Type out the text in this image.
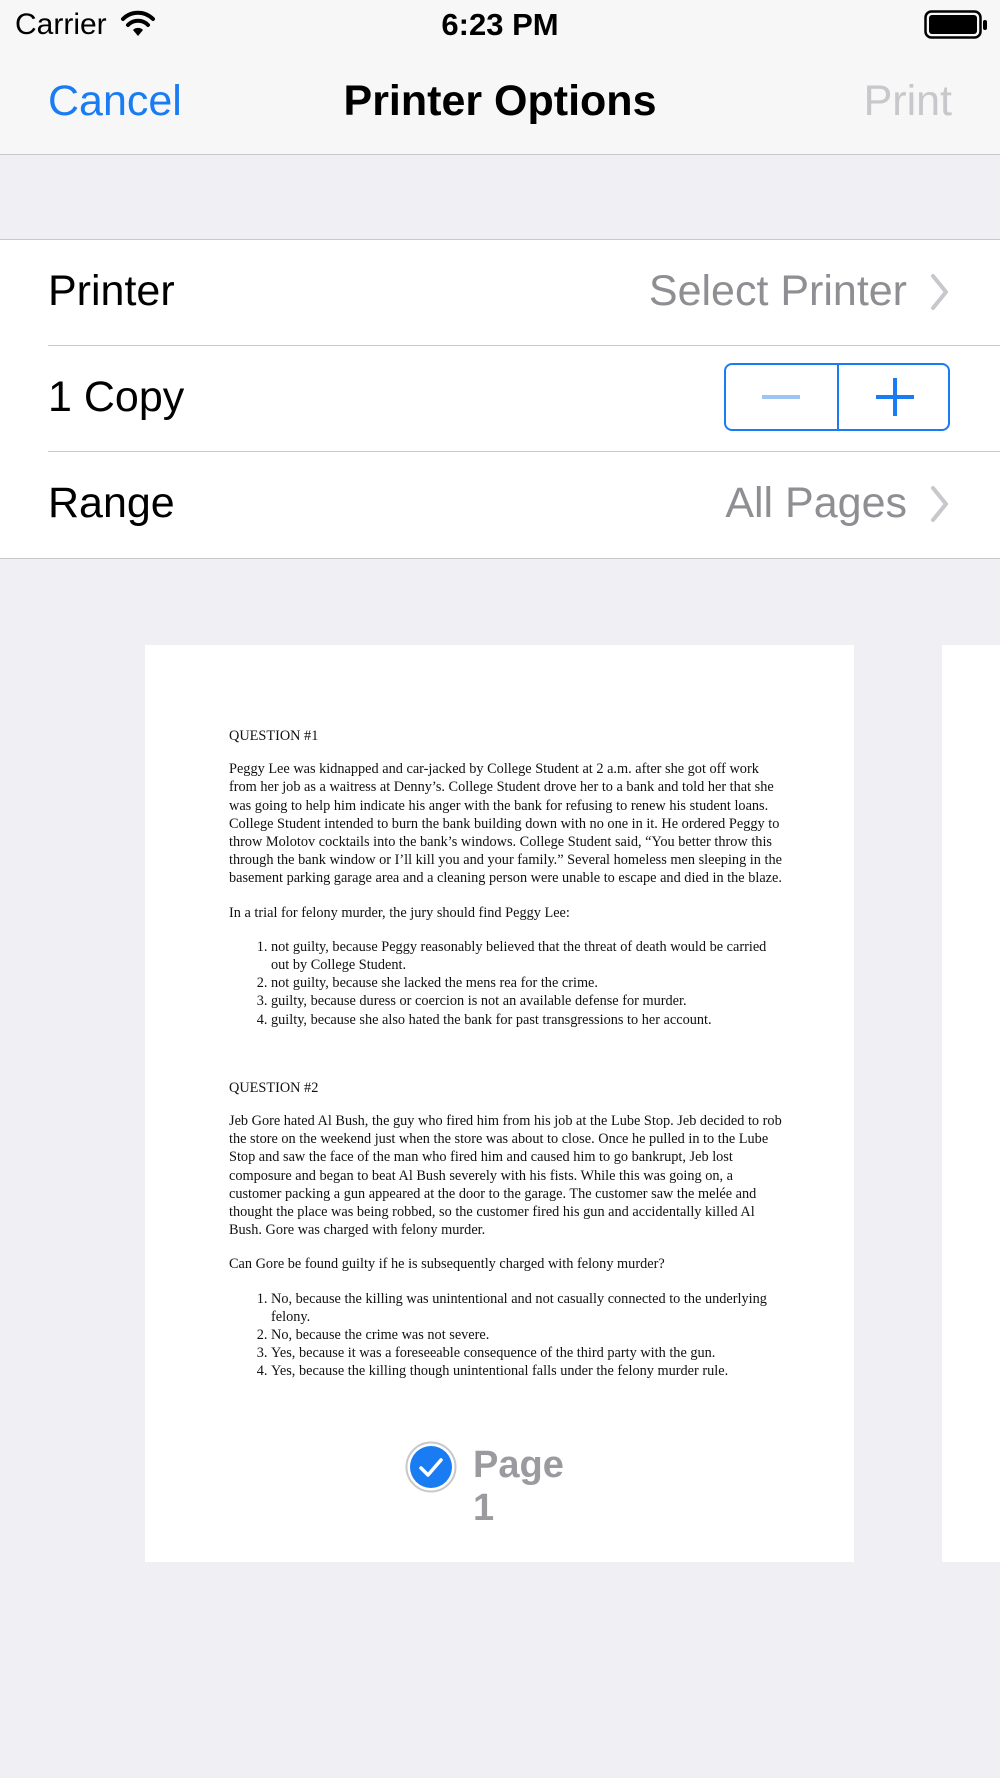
Carrier	6:23 PM
Cancel	Printer Options	Print
Printer	Select Printer
1 Copy
Range	All Pages

QUESTION #1

Peggy Lee was kidnapped and car-jacked by College Student at 2 a.m. after she got off work from her job as a waitress at Denny’s. College Student drove her to a bank and told her that she was going to help him indicate his anger with the bank for refusing to renew his student loans. College Student intended to burn the bank building down with no one in it. He ordered Peggy to throw Molotov cocktails into the bank’s windows. College Student said, “You better throw this through the bank window or I’ll kill you and your family.” Several homeless men sleeping in the basement parking garage area and a cleaning person were unable to escape and died in the blaze.

In a trial for felony murder, the jury should find Peggy Lee:

1. not guilty, because Peggy reasonably believed that the threat of death would be carried out by College Student.
2. not guilty, because she lacked the mens rea for the crime.
3. guilty, because duress or coercion is not an available defense for murder.
4. guilty, because she also hated the bank for past transgressions to her account.

QUESTION #2

Jeb Gore hated Al Bush, the guy who fired him from his job at the Lube Stop. Jeb decided to rob the store on the weekend just when the store was about to close. Once he pulled in to the Lube Stop and saw the face of the man who fired him and caused him to go bankrupt, Jeb lost composure and began to beat Al Bush severely with his fists. While this was going on, a customer packing a gun appeared at the door to the garage. The customer saw the melée and thought the place was being robbed, so the customer fired his gun and accidentally killed Al Bush. Gore was charged with felony murder.

Can Gore be found guilty if he is subsequently charged with felony murder?

1. No, because the killing was unintentional and not casually connected to the underlying felony.
2. No, because the crime was not severe.
3. Yes, because it was a foreseeable consequence of the third party with the gun.
4. Yes, because the killing though unintentional falls under the felony murder rule.
Page 1
